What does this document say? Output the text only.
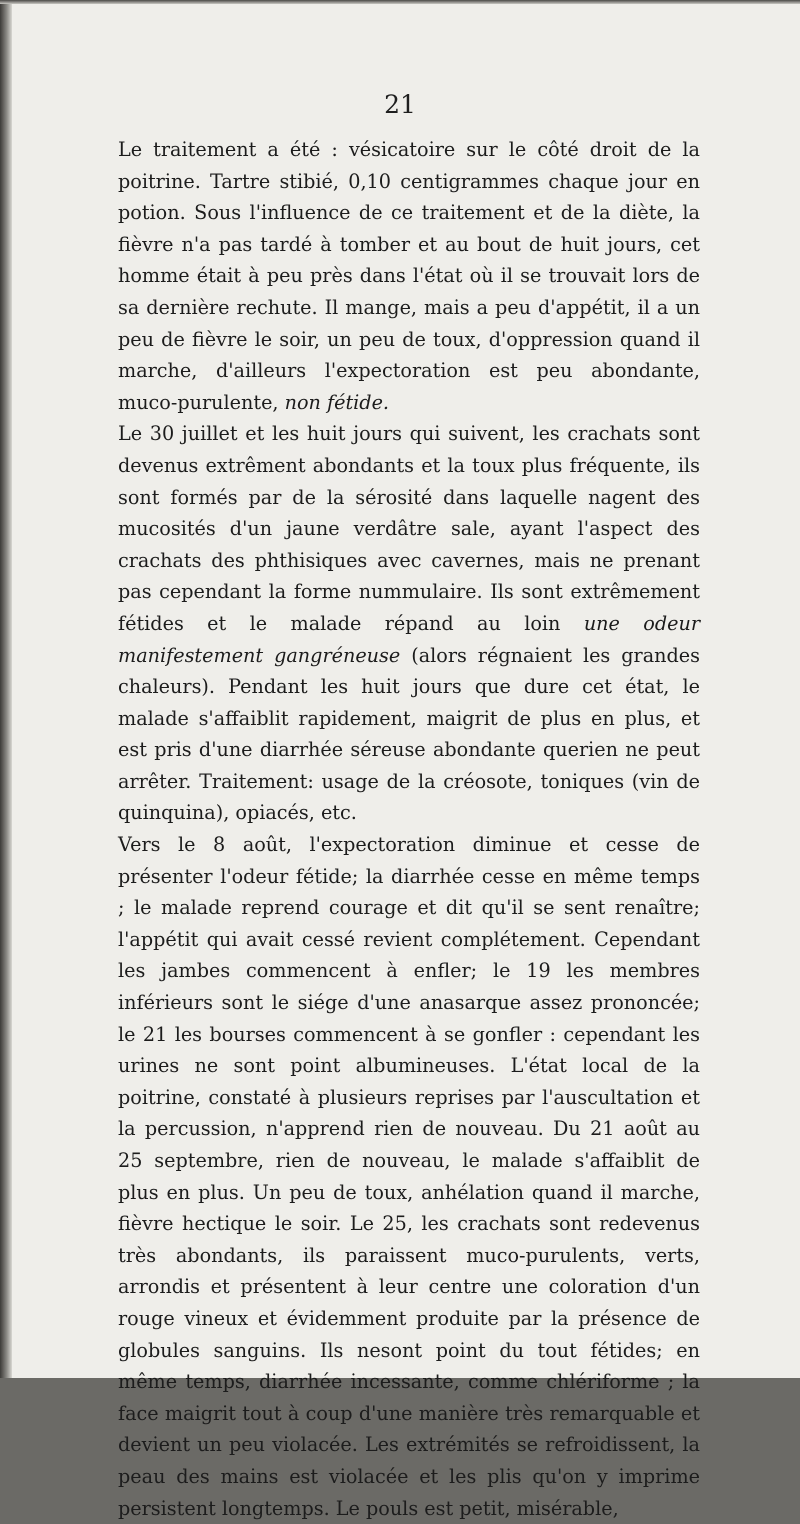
21

Le traitement a été : vésicatoire sur le côté droit de la poitrine. Tartre stibié, 0,10 centigrammes chaque jour en potion. Sous l'influence de ce traitement et de la diète, la fièvre n'a pas tardé à tomber et au bout de huit jours, cet homme était à peu près dans l'état où il se trouvait lors de sa dernière rechute. Il mange, mais a peu d'appétit, il a un peu de fièvre le soir, un peu de toux, d'oppression quand il marche, d'ailleurs l'expectoration est peu abondante, muco-purulente, non fétide.

Le 30 juillet et les huit jours qui suivent, les crachats sont devenus extrêment abondants et la toux plus fréquente, ils sont formés par de la sérosité dans laquelle nagent des mucosités d'un jaune verdâtre sale, ayant l'aspect des crachats des phthisiques avec cavernes, mais ne prenant pas cependant la forme nummulaire. Ils sont extrêmement fétides et le malade répand au loin une odeur manifestement gangréneuse (alors régnaient les grandes chaleurs). Pendant les huit jours que dure cet état, le malade s'affaiblit rapidement, maigrit de plus en plus, et est pris d'une diarrhée séreuse abondante querien ne peut arrêter. Traitement: usage de la créosote, toniques (vin de quinquina), opiacés, etc.

Vers le 8 août, l'expectoration diminue et cesse de présenter l'odeur fétide; la diarrhée cesse en même temps ; le malade reprend courage et dit qu'il se sent renaître; l'appétit qui avait cessé revient complétement. Cependant les jambes commencent à enfler; le 19 les membres inférieurs sont le siége d'une anasarque assez prononcée; le 21 les bourses commencent à se gonfler : cependant les urines ne sont point albumineuses. L'état local de la poitrine, constaté à plusieurs reprises par l'auscultation et la percussion, n'apprend rien de nouveau. Du 21 août au 25 septembre, rien de nouveau, le malade s'affaiblit de plus en plus. Un peu de toux, anhélation quand il marche, fièvre hectique le soir. Le 25, les crachats sont redevenus très abondants, ils paraissent muco-purulents, verts, arrondis et présentent à leur centre une coloration d'un rouge vineux et évidemment produite par la présence de globules sanguins. Ils nesont point du tout fétides; en même temps, diarrhée incessante, comme chlériforme ; la face maigrit tout à coup d'une manière très remarquable et devient un peu violacée. Les extrémités se refroidissent, la peau des mains est violacée et les plis qu'on y imprime persistent longtemps. Le pouls est petit, misérable,
